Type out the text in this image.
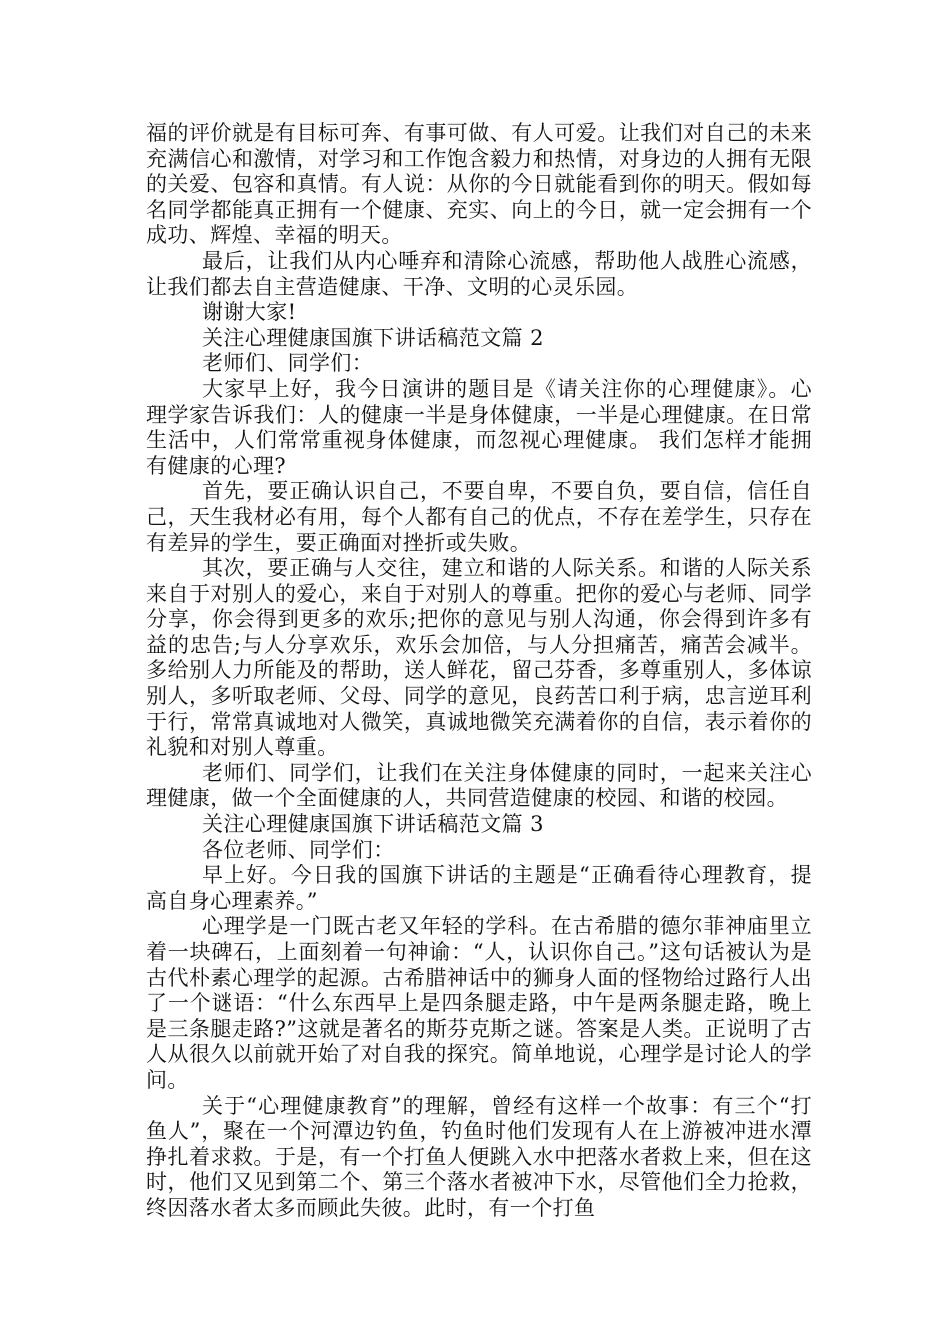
福的评价就是有目标可奔、有事可做、有人可爱。让我们对自己的未来充满信心和激情，对学习和工作饱含毅力和热情，对身边的人拥有无限的关爱、包容和真情。有人说：从你的今日就能看到你的明天。假如每名同学都能真正拥有一个健康、充实、向上的今日，就一定会拥有一个成功、辉煌、幸福的明天。

最后，让我们从内心唾弃和清除心流感，帮助他人战胜心流感，让我们都去自主营造健康、干净、文明的心灵乐园。

谢谢大家!

关注心理健康国旗下讲话稿范文篇 2

老师们、同学们：

大家早上好，我今日演讲的题目是《请关注你的心理健康》。心理学家告诉我们：人的健康一半是身体健康，一半是心理健康。在日常生活中，人们常常重视身体健康，而忽视心理健康。 我们怎样才能拥有健康的心理?

首先，要正确认识自己，不要自卑，不要自负，要自信，信任自己，天生我材必有用，每个人都有自己的优点，不存在差学生，只存在有差异的学生，要正确面对挫折或失败。

其次，要正确与人交往，建立和谐的人际关系。和谐的人际关系来自于对别人的爱心，来自于对别人的尊重。把你的爱心与老师、同学分享，你会得到更多的欢乐;把你的意见与别人沟通，你会得到许多有益的忠告;与人分享欢乐，欢乐会加倍，与人分担痛苦，痛苦会减半。多给别人力所能及的帮助，送人鲜花，留己芬香，多尊重别人，多体谅别人，多听取老师、父母、同学的意见，良药苦口利于病，忠言逆耳利于行，常常真诚地对人微笑，真诚地微笑充满着你的自信，表示着你的礼貌和对别人尊重。

老师们、同学们，让我们在关注身体健康的同时，一起来关注心理健康，做一个全面健康的人，共同营造健康的校园、和谐的校园。

关注心理健康国旗下讲话稿范文篇 3

各位老师、同学们：

早上好。今日我的国旗下讲话的主题是“正确看待心理教育，提高自身心理素养。”

心理学是一门既古老又年轻的学科。在古希腊的德尔菲神庙里立着一块碑石，上面刻着一句神谕：“人，认识你自己。”这句话被认为是古代朴素心理学的起源。古希腊神话中的狮身人面的怪物给过路行人出了一个谜语：“什么东西早上是四条腿走路，中午是两条腿走路，晚上是三条腿走路?”这就是著名的斯芬克斯之谜。答案是人类。正说明了古人从很久以前就开始了对自我的探究。简单地说，心理学是讨论人的学问。

关于“心理健康教育”的理解，曾经有这样一个故事：有三个“打鱼人”，聚在一个河潭边钓鱼，钓鱼时他们发现有人在上游被冲进水潭挣扎着求救。于是，有一个打鱼人便跳入水中把落水者救上来，但在这时，他们又见到第二个、第三个落水者被冲下水，尽管他们全力抢救，终因落水者太多而顾此失彼。此时，有一个打鱼
